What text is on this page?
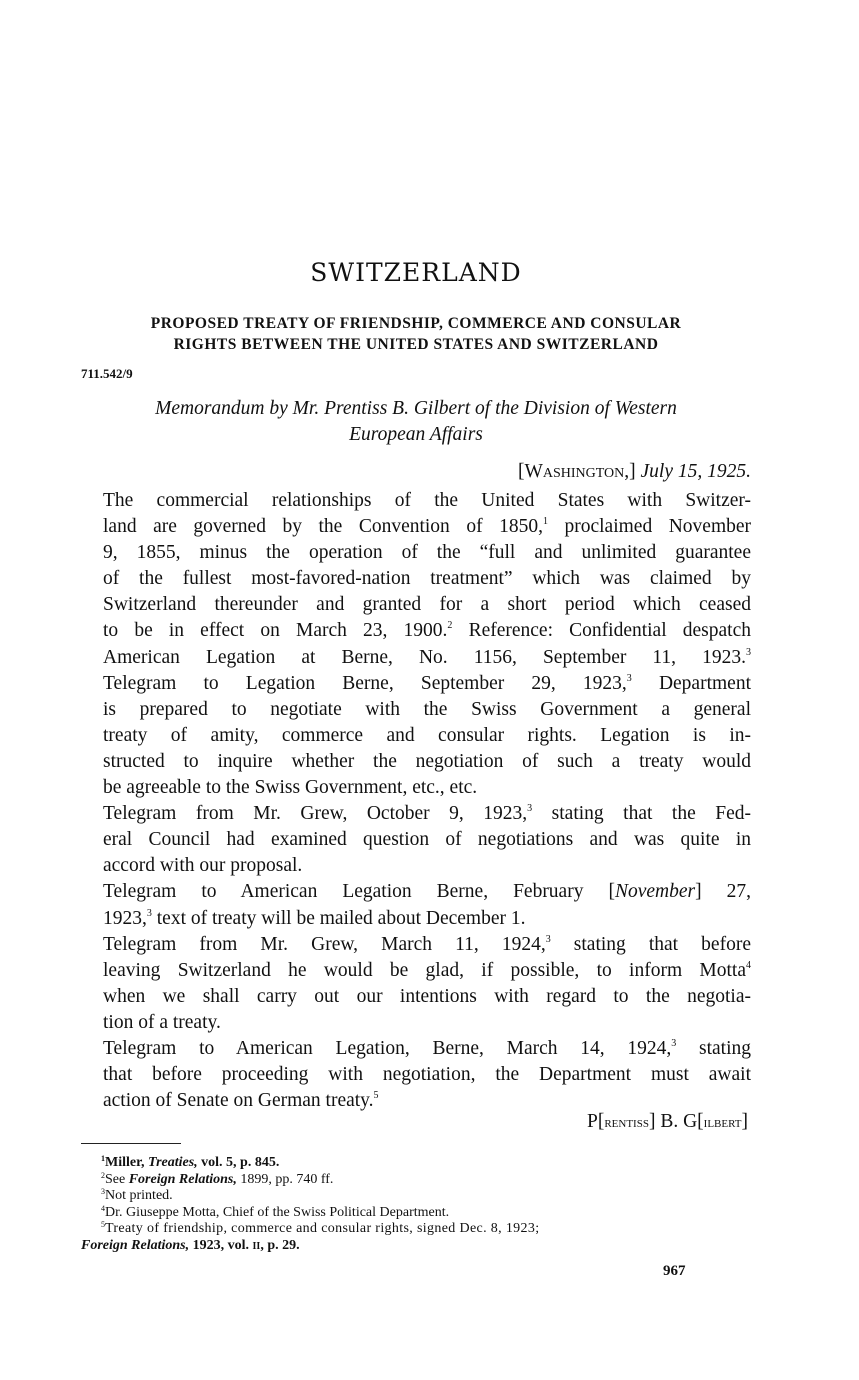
SWITZERLAND
PROPOSED TREATY OF FRIENDSHIP, COMMERCE AND CONSULAR
RIGHTS BETWEEN THE UNITED STATES AND SWITZERLAND
711.542/9
Memorandum by Mr. Prentiss B. Gilbert of the Division of Western
European Affairs
[Washington,] July 15, 1925.

The commercial relationships of the United States with Switzer-
land are governed by the Convention of 1850,$^1$ proclaimed November
9, 1855, minus the operation of the “full and unlimited guarantee
of the fullest most-favored-nation treatment” which was claimed by
Switzerland thereunder and granted for a short period which ceased
to be in effect on March 23, 1900.$^2$ Reference: Confidential despatch
American Legation at Berne, No. 1156, September 11, 1923.$^3$

Telegram to Legation Berne, September 29, 1923,$^3$ Department
is prepared to negotiate with the Swiss Government a general
treaty of amity, commerce and consular rights. Legation is in-
structed to inquire whether the negotiation of such a treaty would
be agreeable to the Swiss Government, etc., etc.

Telegram from Mr. Grew, October 9, 1923,$^3$ stating that the Fed-
eral Council had examined question of negotiations and was quite in
accord with our proposal.

Telegram to American Legation Berne, February [November] 27,
1923,$^3$ text of treaty will be mailed about December 1.

Telegram from Mr. Grew, March 11, 1924,$^3$ stating that before
leaving Switzerland he would be glad, if possible, to inform Motta$^4$
when we shall carry out our intentions with regard to the negotia-
tion of a treaty.

Telegram to American Legation, Berne, March 14, 1924,$^3$ stating
that before proceeding with negotiation, the Department must await
action of Senate on German treaty.$^5$

P[rentiss] B. G[ilbert]
$^1$Miller, Treaties, vol. 5, p. 845.
$^2$See Foreign Relations, 1899, pp. 740 ff.
$^3$Not printed.
$^4$Dr. Giuseppe Motta, Chief of the Swiss Political Department.
$^5$Treaty of friendship, commerce and consular rights, signed Dec. 8, 1923;
Foreign Relations, 1923, vol. ii, p. 29.
967
